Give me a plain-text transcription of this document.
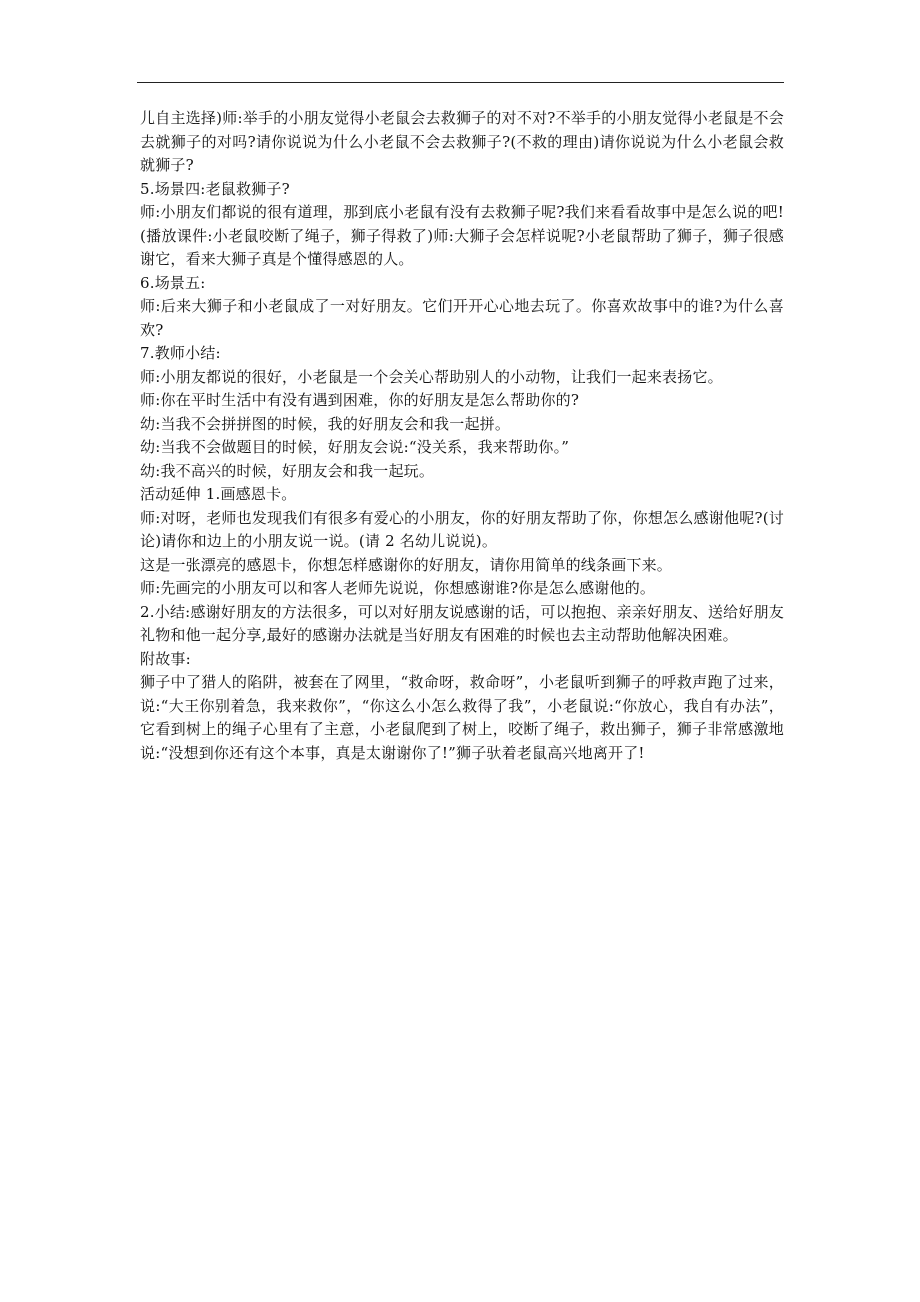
儿自主选择)师:举手的小朋友觉得小老鼠会去救狮子的对不对?不举手的小朋友觉得小老鼠是不会去就狮子的对吗?请你说说为什么小老鼠不会去救狮子?(不救的理由)请你说说为什么小老鼠会救就狮子?

5.场景四:老鼠救狮子?

师:小朋友们都说的很有道理，那到底小老鼠有没有去救狮子呢?我们来看看故事中是怎么说的吧!(播放课件:小老鼠咬断了绳子，狮子得救了)师:大狮子会怎样说呢?小老鼠帮助了狮子，狮子很感谢它，看来大狮子真是个懂得感恩的人。

6.场景五:

师:后来大狮子和小老鼠成了一对好朋友。它们开开心心地去玩了。你喜欢故事中的谁?为什么喜欢?

7.教师小结:

师:小朋友都说的很好，小老鼠是一个会关心帮助别人的小动物，让我们一起来表扬它。

师:你在平时生活中有没有遇到困难，你的好朋友是怎么帮助你的?

幼:当我不会拼拼图的时候，我的好朋友会和我一起拼。

幼:当我不会做题目的时候，好朋友会说:“没关系，我来帮助你。”

幼:我不高兴的时候，好朋友会和我一起玩。

活动延伸 1.画感恩卡。

师:对呀，老师也发现我们有很多有爱心的小朋友，你的好朋友帮助了你，你想怎么感谢他呢?(讨论)请你和边上的小朋友说一说。(请 2 名幼儿说说)。

这是一张漂亮的感恩卡，你想怎样感谢你的好朋友，请你用简单的线条画下来。

师:先画完的小朋友可以和客人老师先说说，你想感谢谁?你是怎么感谢他的。

2.小结:感谢好朋友的方法很多，可以对好朋友说感谢的话，可以抱抱、亲亲好朋友、送给好朋友礼物和他一起分享,最好的感谢办法就是当好朋友有困难的时候也去主动帮助他解决困难。

附故事:

狮子中了猎人的陷阱，被套在了网里，“救命呀，救命呀”，小老鼠听到狮子的呼救声跑了过来，说:“大王你别着急，我来救你”，“你这么小怎么救得了我”，小老鼠说:“你放心，我自有办法”，它看到树上的绳子心里有了主意，小老鼠爬到了树上，咬断了绳子，救出狮子，狮子非常感激地说:“没想到你还有这个本事，真是太谢谢你了!”狮子驮着老鼠高兴地离开了!
